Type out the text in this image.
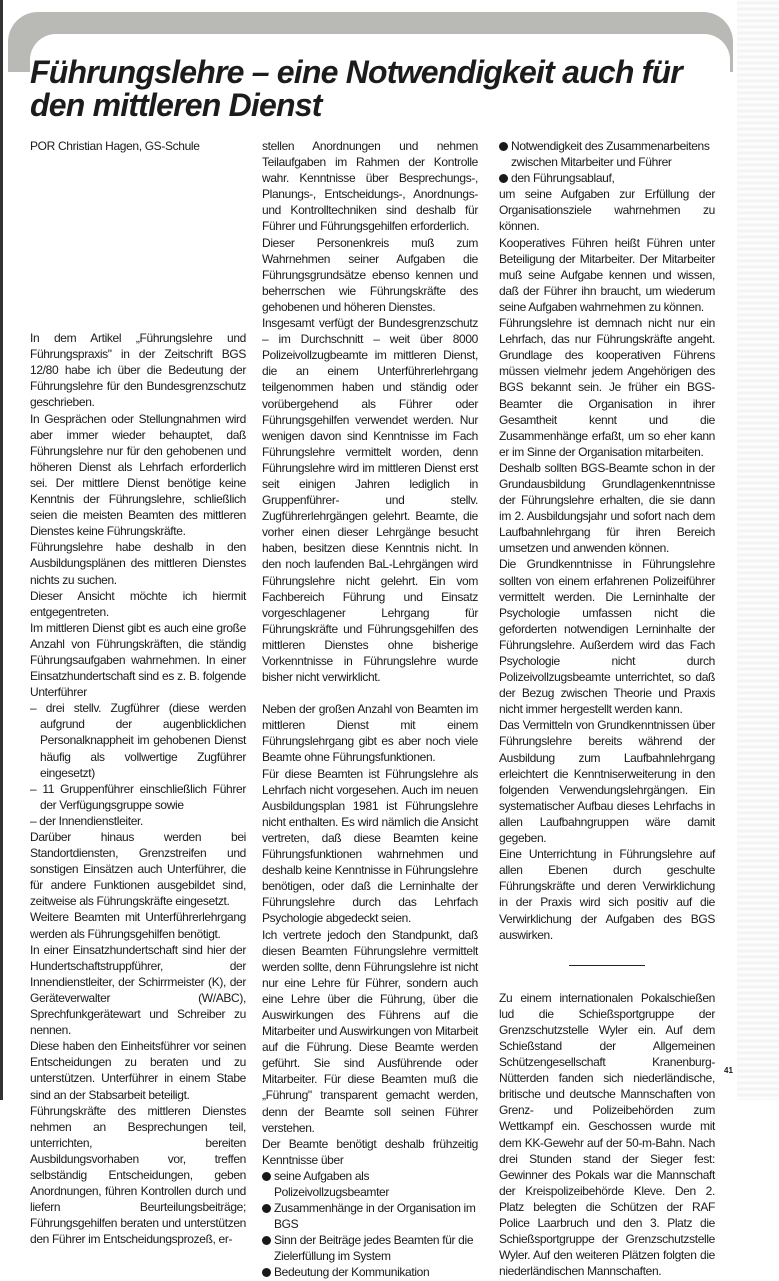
Führungslehre – eine Notwendigkeit auch für den mittleren Dienst

POR Christian Hagen, GS-Schule

In dem Artikel „Führungslehre und Führungspraxis" in der Zeitschrift BGS 12/80 habe ich über die Bedeutung der Führungslehre für den Bundesgrenzschutz geschrieben.

In Gesprächen oder Stellungnahmen wird aber immer wieder behauptet, daß Führungslehre nur für den gehobenen und höheren Dienst als Lehrfach erforderlich sei. Der mittlere Dienst benötige keine Kenntnis der Führungslehre, schließlich seien die meisten Beamten des mittleren Dienstes keine Führungskräfte.

Führungslehre habe deshalb in den Ausbildungsplänen des mittleren Dienstes nichts zu suchen.

Dieser Ansicht möchte ich hiermit entgegentreten.

Im mittleren Dienst gibt es auch eine große Anzahl von Führungskräften, die ständig Führungsaufgaben wahrnehmen. In einer Einsatzhundertschaft sind es z. B. folgende Unterführer

– drei stellv. Zugführer (diese werden aufgrund der augenblicklichen Personalknappheit im gehobenen Dienst häufig als vollwertige Zugführer eingesetzt)

– 11 Gruppenführer einschließlich Führer der Verfügungsgruppe sowie

– der Innendienstleiter.

Darüber hinaus werden bei Standortdiensten, Grenzstreifen und sonstigen Einsätzen auch Unterführer, die für andere Funktionen ausgebildet sind, zeitweise als Führungskräfte eingesetzt.

Weitere Beamten mit Unterführerlehrgang werden als Führungsgehilfen benötigt.

In einer Einsatzhundertschaft sind hier der Hundertschaftstruppführer, der Innendienstleiter, der Schirrmeister (K), der Geräteverwalter (W/ABC), Sprechfunkgerätewart und Schreiber zu nennen.

Diese haben den Einheitsführer vor seinen Entscheidungen zu beraten und zu unterstützen. Unterführer in einem Stabe sind an der Stabsarbeit beteiligt.

Führungskräfte des mittleren Dienstes nehmen an Besprechungen teil, unterrichten, bereiten Ausbildungsvorhaben vor, treffen selbständig Entscheidungen, geben Anordnungen, führen Kontrollen durch und liefern Beurteilungsbeiträge; Führungsgehilfen beraten und unterstützen den Führer im Entscheidungsprozeß, er-

stellen Anordnungen und nehmen Teilaufgaben im Rahmen der Kontrolle wahr. Kenntnisse über Besprechungs-, Planungs-, Entscheidungs-, Anordnungs- und Kontrolltechniken sind deshalb für Führer und Führungsgehilfen erforderlich.

Dieser Personenkreis muß zum Wahrnehmen seiner Aufgaben die Führungsgrundsätze ebenso kennen und beherrschen wie Führungskräfte des gehobenen und höheren Dienstes.

Insgesamt verfügt der Bundesgrenzschutz – im Durchschnitt – weit über 8000 Polizeivollzugbeamte im mittleren Dienst, die an einem Unterführerlehrgang teilgenommen haben und ständig oder vorübergehend als Führer oder Führungsgehilfen verwendet werden. Nur wenigen davon sind Kenntnisse im Fach Führungslehre vermittelt worden, denn Führungslehre wird im mittleren Dienst erst seit einigen Jahren lediglich in Gruppenführer- und stellv. Zugführerlehrgängen gelehrt. Beamte, die vorher einen dieser Lehrgänge besucht haben, besitzen diese Kenntnis nicht. In den noch laufenden BaL-Lehrgängen wird Führungslehre nicht gelehrt. Ein vom Fachbereich Führung und Einsatz vorgeschlagener Lehrgang für Führungskräfte und Führungsgehilfen des mittleren Dienstes ohne bisherige Vorkenntnisse in Führungslehre wurde bisher nicht verwirklicht.

Neben der großen Anzahl von Beamten im mittleren Dienst mit einem Führungslehrgang gibt es aber noch viele Beamte ohne Führungsfunktionen.

Für diese Beamten ist Führungslehre als Lehrfach nicht vorgesehen. Auch im neuen Ausbildungsplan 1981 ist Führungslehre nicht enthalten. Es wird nämlich die Ansicht vertreten, daß diese Beamten keine Führungsfunktionen wahrnehmen und deshalb keine Kenntnisse in Führungslehre benötigen, oder daß die Lerninhalte der Führungslehre durch das Lehrfach Psychologie abgedeckt seien.

Ich vertrete jedoch den Standpunkt, daß diesen Beamten Führungslehre vermittelt werden sollte, denn Führungslehre ist nicht nur eine Lehre für Führer, sondern auch eine Lehre über die Führung, über die Auswirkungen des Führens auf die Mitarbeiter und Auswirkungen von Mitarbeit auf die Führung. Diese Beamte werden geführt. Sie sind Ausführende oder Mitarbeiter. Für diese Beamten muß die „Führung" transparent gemacht werden, denn der Beamte soll seinen Führer verstehen.

Der Beamte benötigt deshalb frühzeitig Kenntnisse über

seine Aufgaben als Polizeivollzugsbeamter

Zusammenhänge in der Organisation im BGS

Sinn der Beiträge jedes Beamten für die Zielerfüllung im System

Bedeutung der Kommunikation

Notwendigkeit des Zusammenarbeitens zwischen Mitarbeiter und Führer

den Führungsablauf,

um seine Aufgaben zur Erfüllung der Organisationsziele wahrnehmen zu können.

Kooperatives Führen heißt Führen unter Beteiligung der Mitarbeiter. Der Mitarbeiter muß seine Aufgabe kennen und wissen, daß der Führer ihn braucht, um wiederum seine Aufgaben wahrnehmen zu können.

Führungslehre ist demnach nicht nur ein Lehrfach, das nur Führungskräfte angeht. Grundlage des kooperativen Führens müssen vielmehr jedem Angehörigen des BGS bekannt sein. Je früher ein BGS-Beamter die Organisation in ihrer Gesamtheit kennt und die Zusammenhänge erfaßt, um so eher kann er im Sinne der Organisation mitarbeiten.

Deshalb sollten BGS-Beamte schon in der Grundausbildung Grundlagenkenntnisse der Führungslehre erhalten, die sie dann im 2. Ausbildungsjahr und sofort nach dem Laufbahnlehrgang für ihren Bereich umsetzen und anwenden können.

Die Grundkenntnisse in Führungslehre sollten von einem erfahrenen Polizeiführer vermittelt werden. Die Lerninhalte der Psychologie umfassen nicht die geforderten notwendigen Lerninhalte der Führungslehre. Außerdem wird das Fach Psychologie nicht durch Polizeivollzugsbeamte unterrichtet, so daß der Bezug zwischen Theorie und Praxis nicht immer hergestellt werden kann.

Das Vermitteln von Grundkenntnissen über Führungslehre bereits während der Ausbildung zum Laufbahnlehrgang erleichtert die Kenntniserweiterung in den folgenden Verwendungslehrgängen. Ein systematischer Aufbau dieses Lehrfachs in allen Laufbahngruppen wäre damit gegeben.

Eine Unterrichtung in Führungslehre auf allen Ebenen durch geschulte Führungskräfte und deren Verwirklichung in der Praxis wird sich positiv auf die Verwirklichung der Aufgaben des BGS auswirken.

Zu einem internationalen Pokalschießen lud die Schießsportgruppe der Grenzschutzstelle Wyler ein. Auf dem Schießstand der Allgemeinen Schützengesellschaft Kranenburg-Nütterden fanden sich niederländische, britische und deutsche Mannschaften von Grenz- und Polizeibehörden zum Wettkampf ein. Geschossen wurde mit dem KK-Gewehr auf der 50-m-Bahn. Nach drei Stunden stand der Sieger fest: Gewinner des Pokals war die Mannschaft der Kreispolizeibehörde Kleve. Den 2. Platz belegten die Schützen der RAF Police Laarbruch und den 3. Platz die Schießsportgruppe der Grenzschutzstelle Wyler. Auf den weiteren Plätzen folgten die niederländischen Mannschaften.

41
